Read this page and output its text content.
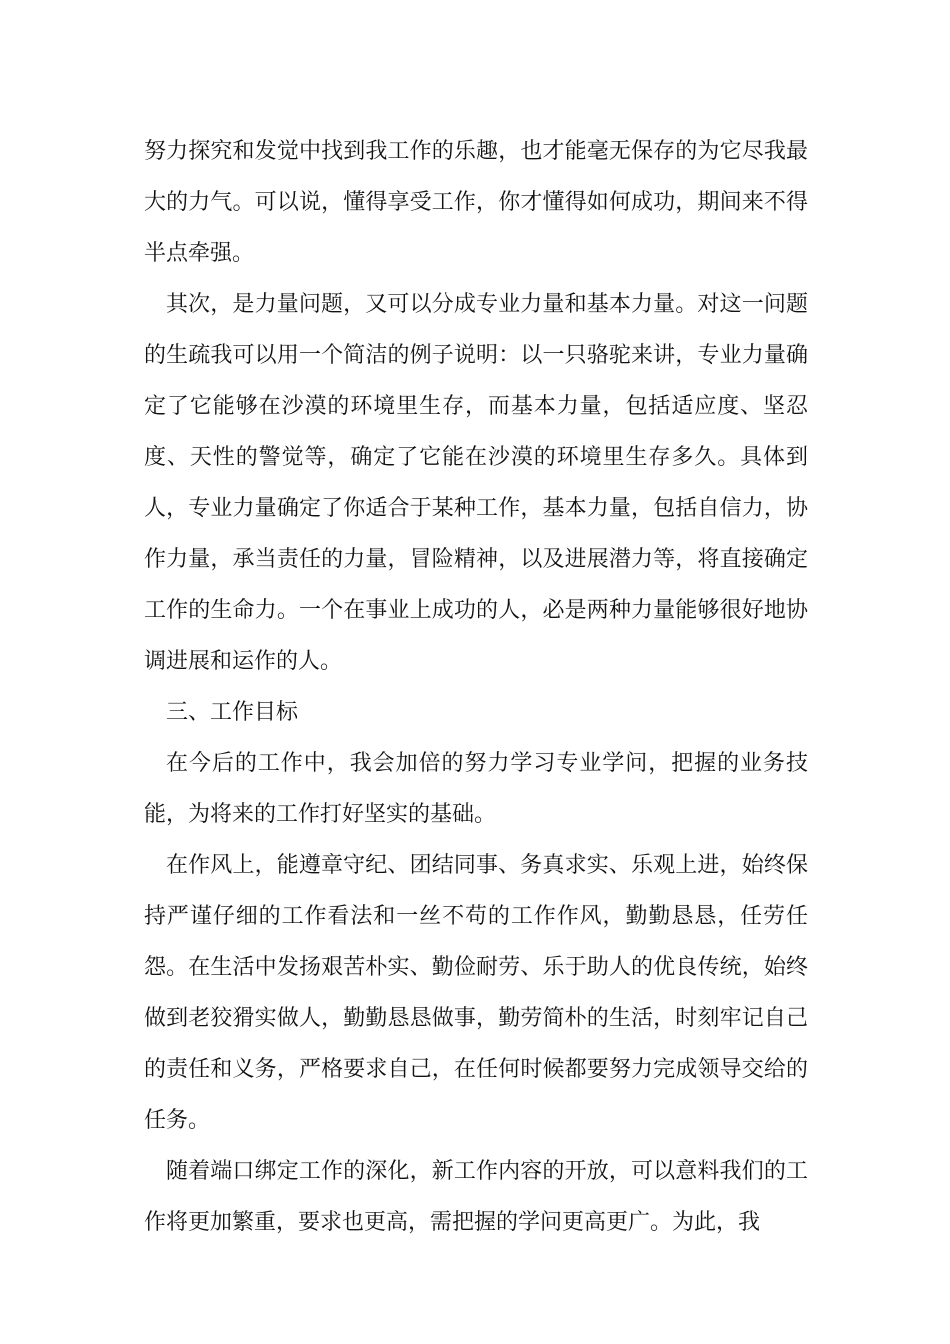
努力探究和发觉中找到我工作的乐趣，也才能毫无保存的为它尽我最大的力气。可以说，懂得享受工作，你才懂得如何成功，期间来不得半点牵强。

其次，是力量问题，又可以分成专业力量和基本力量。对这一问题的生疏我可以用一个简洁的例子说明：以一只骆驼来讲，专业力量确定了它能够在沙漠的环境里生存，而基本力量，包括适应度、坚忍度、天性的警觉等，确定了它能在沙漠的环境里生存多久。具体到人，专业力量确定了你适合于某种工作，基本力量，包括自信力，协作力量，承当责任的力量，冒险精神，以及进展潜力等，将直接确定工作的生命力。一个在事业上成功的人，必是两种力量能够很好地协调进展和运作的人。

三、工作目标

在今后的工作中，我会加倍的努力学习专业学问，把握的业务技能，为将来的工作打好坚实的基础。

在作风上，能遵章守纪、团结同事、务真求实、乐观上进，始终保持严谨仔细的工作看法和一丝不苟的工作作风，勤勤恳恳，任劳任怨。在生活中发扬艰苦朴实、勤俭耐劳、乐于助人的优良传统，始终做到老狡猾实做人，勤勤恳恳做事，勤劳简朴的生活，时刻牢记自己的责任和义务，严格要求自己，在任何时候都要努力完成领导交给的任务。

随着端口绑定工作的深化，新工作内容的开放，可以意料我们的工作将更加繁重，要求也更高，需把握的学问更高更广。为此，我
